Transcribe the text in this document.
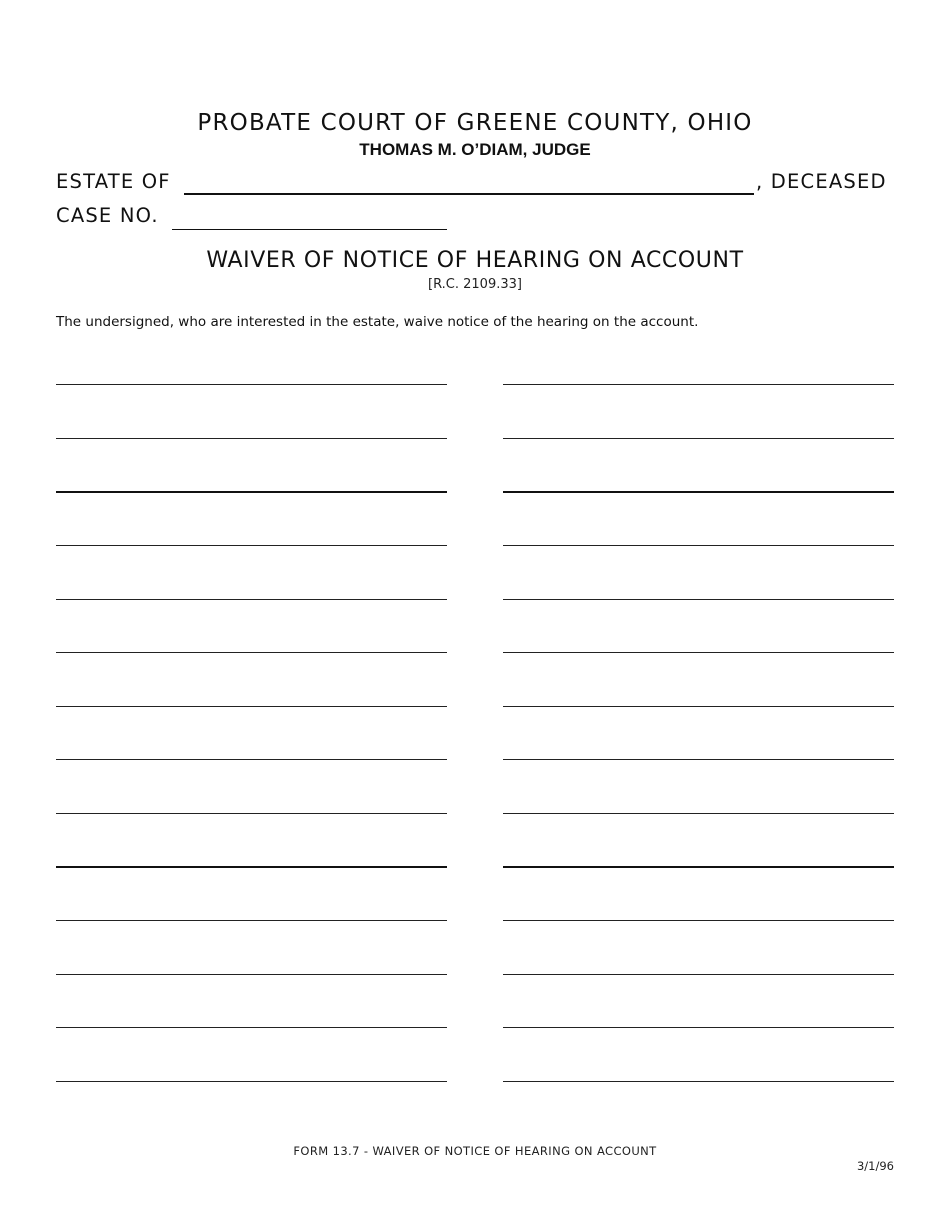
PROBATE COURT OF GREENE COUNTY, OHIO
THOMAS M. O’DIAM, JUDGE
ESTATE OF	, DECEASED
CASE NO.
WAIVER OF NOTICE OF HEARING ON ACCOUNT
[R.C. 2109.33]
The undersigned, who are interested in the estate, waive notice of the hearing on the account.
FORM 13.7 - WAIVER OF NOTICE OF HEARING ON ACCOUNT
3/1/96
